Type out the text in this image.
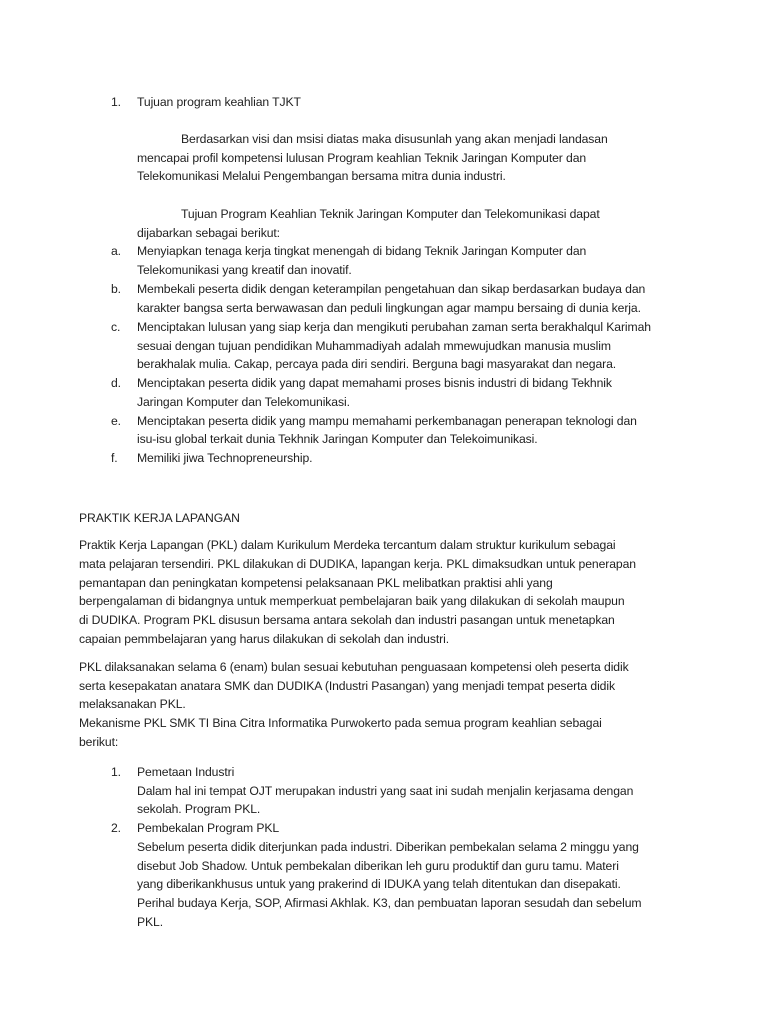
1. Tujuan program keahlian TJKT
Berdasarkan visi dan msisi diatas maka disusunlah yang akan menjadi landasan
mencapai profil kompetensi lulusan Program keahlian Teknik Jaringan Komputer dan
Telekomunikasi Melalui Pengembangan bersama mitra dunia industri.
Tujuan Program Keahlian Teknik Jaringan Komputer dan Telekomunikasi dapat
dijabarkan sebagai berikut:
a. Menyiapkan tenaga kerja tingkat menengah di bidang Teknik Jaringan Komputer dan
Telekomunikasi yang kreatif dan inovatif.
b. Membekali peserta didik dengan keterampilan pengetahuan dan sikap berdasarkan budaya dan
karakter bangsa serta berwawasan dan peduli lingkungan agar mampu bersaing di dunia kerja.
c. Menciptakan lulusan yang siap kerja dan mengikuti perubahan zaman serta berakhalqul Karimah
sesuai dengan tujuan pendidikan Muhammadiyah adalah mmewujudkan manusia muslim
berakhalak mulia. Cakap, percaya pada diri sendiri. Berguna bagi masyarakat dan negara.
d. Menciptakan peserta didik yang dapat memahami proses bisnis industri di bidang Tekhnik
Jaringan Komputer dan Telekomunikasi.
e. Menciptakan peserta didik yang mampu memahami perkembanagan penerapan teknologi dan
isu-isu global terkait dunia Tekhnik Jaringan Komputer dan Telekoimunikasi.
f. Memiliki jiwa Technopreneurship.
PRAKTIK KERJA LAPANGAN
Praktik Kerja Lapangan (PKL) dalam Kurikulum Merdeka tercantum dalam struktur kurikulum sebagai
mata pelajaran tersendiri. PKL dilakukan di DUDIKA, lapangan kerja. PKL dimaksudkan untuk penerapan
pemantapan dan peningkatan kompetensi pelaksanaan PKL melibatkan praktisi ahli yang
berpengalaman di bidangnya untuk memperkuat pembelajaran baik yang dilakukan di sekolah maupun
di DUDIKA. Program PKL disusun bersama antara sekolah dan industri pasangan untuk menetapkan
capaian pemmbelajaran yang harus dilakukan di sekolah dan industri.
PKL dilaksanakan selama 6 (enam) bulan sesuai kebutuhan penguasaan kompetensi oleh peserta didik
serta kesepakatan anatara SMK dan DUDIKA (Industri Pasangan) yang menjadi tempat peserta didik
melaksanakan PKL.
Mekanisme PKL SMK TI Bina Citra Informatika Purwokerto pada semua program keahlian sebagai
berikut:
1. Pemetaan Industri
Dalam hal ini tempat OJT merupakan industri yang saat ini sudah menjalin kerjasama dengan
sekolah. Program PKL.
2. Pembekalan Program PKL
Sebelum peserta didik diterjunkan pada industri. Diberikan pembekalan selama 2 minggu yang
disebut Job Shadow. Untuk pembekalan diberikan leh guru produktif dan guru tamu. Materi
yang diberikankhusus untuk yang prakerind di IDUKA yang telah ditentukan dan disepakati.
Perihal budaya Kerja, SOP, Afirmasi Akhlak. K3, dan pembuatan laporan sesudah dan sebelum
PKL.
